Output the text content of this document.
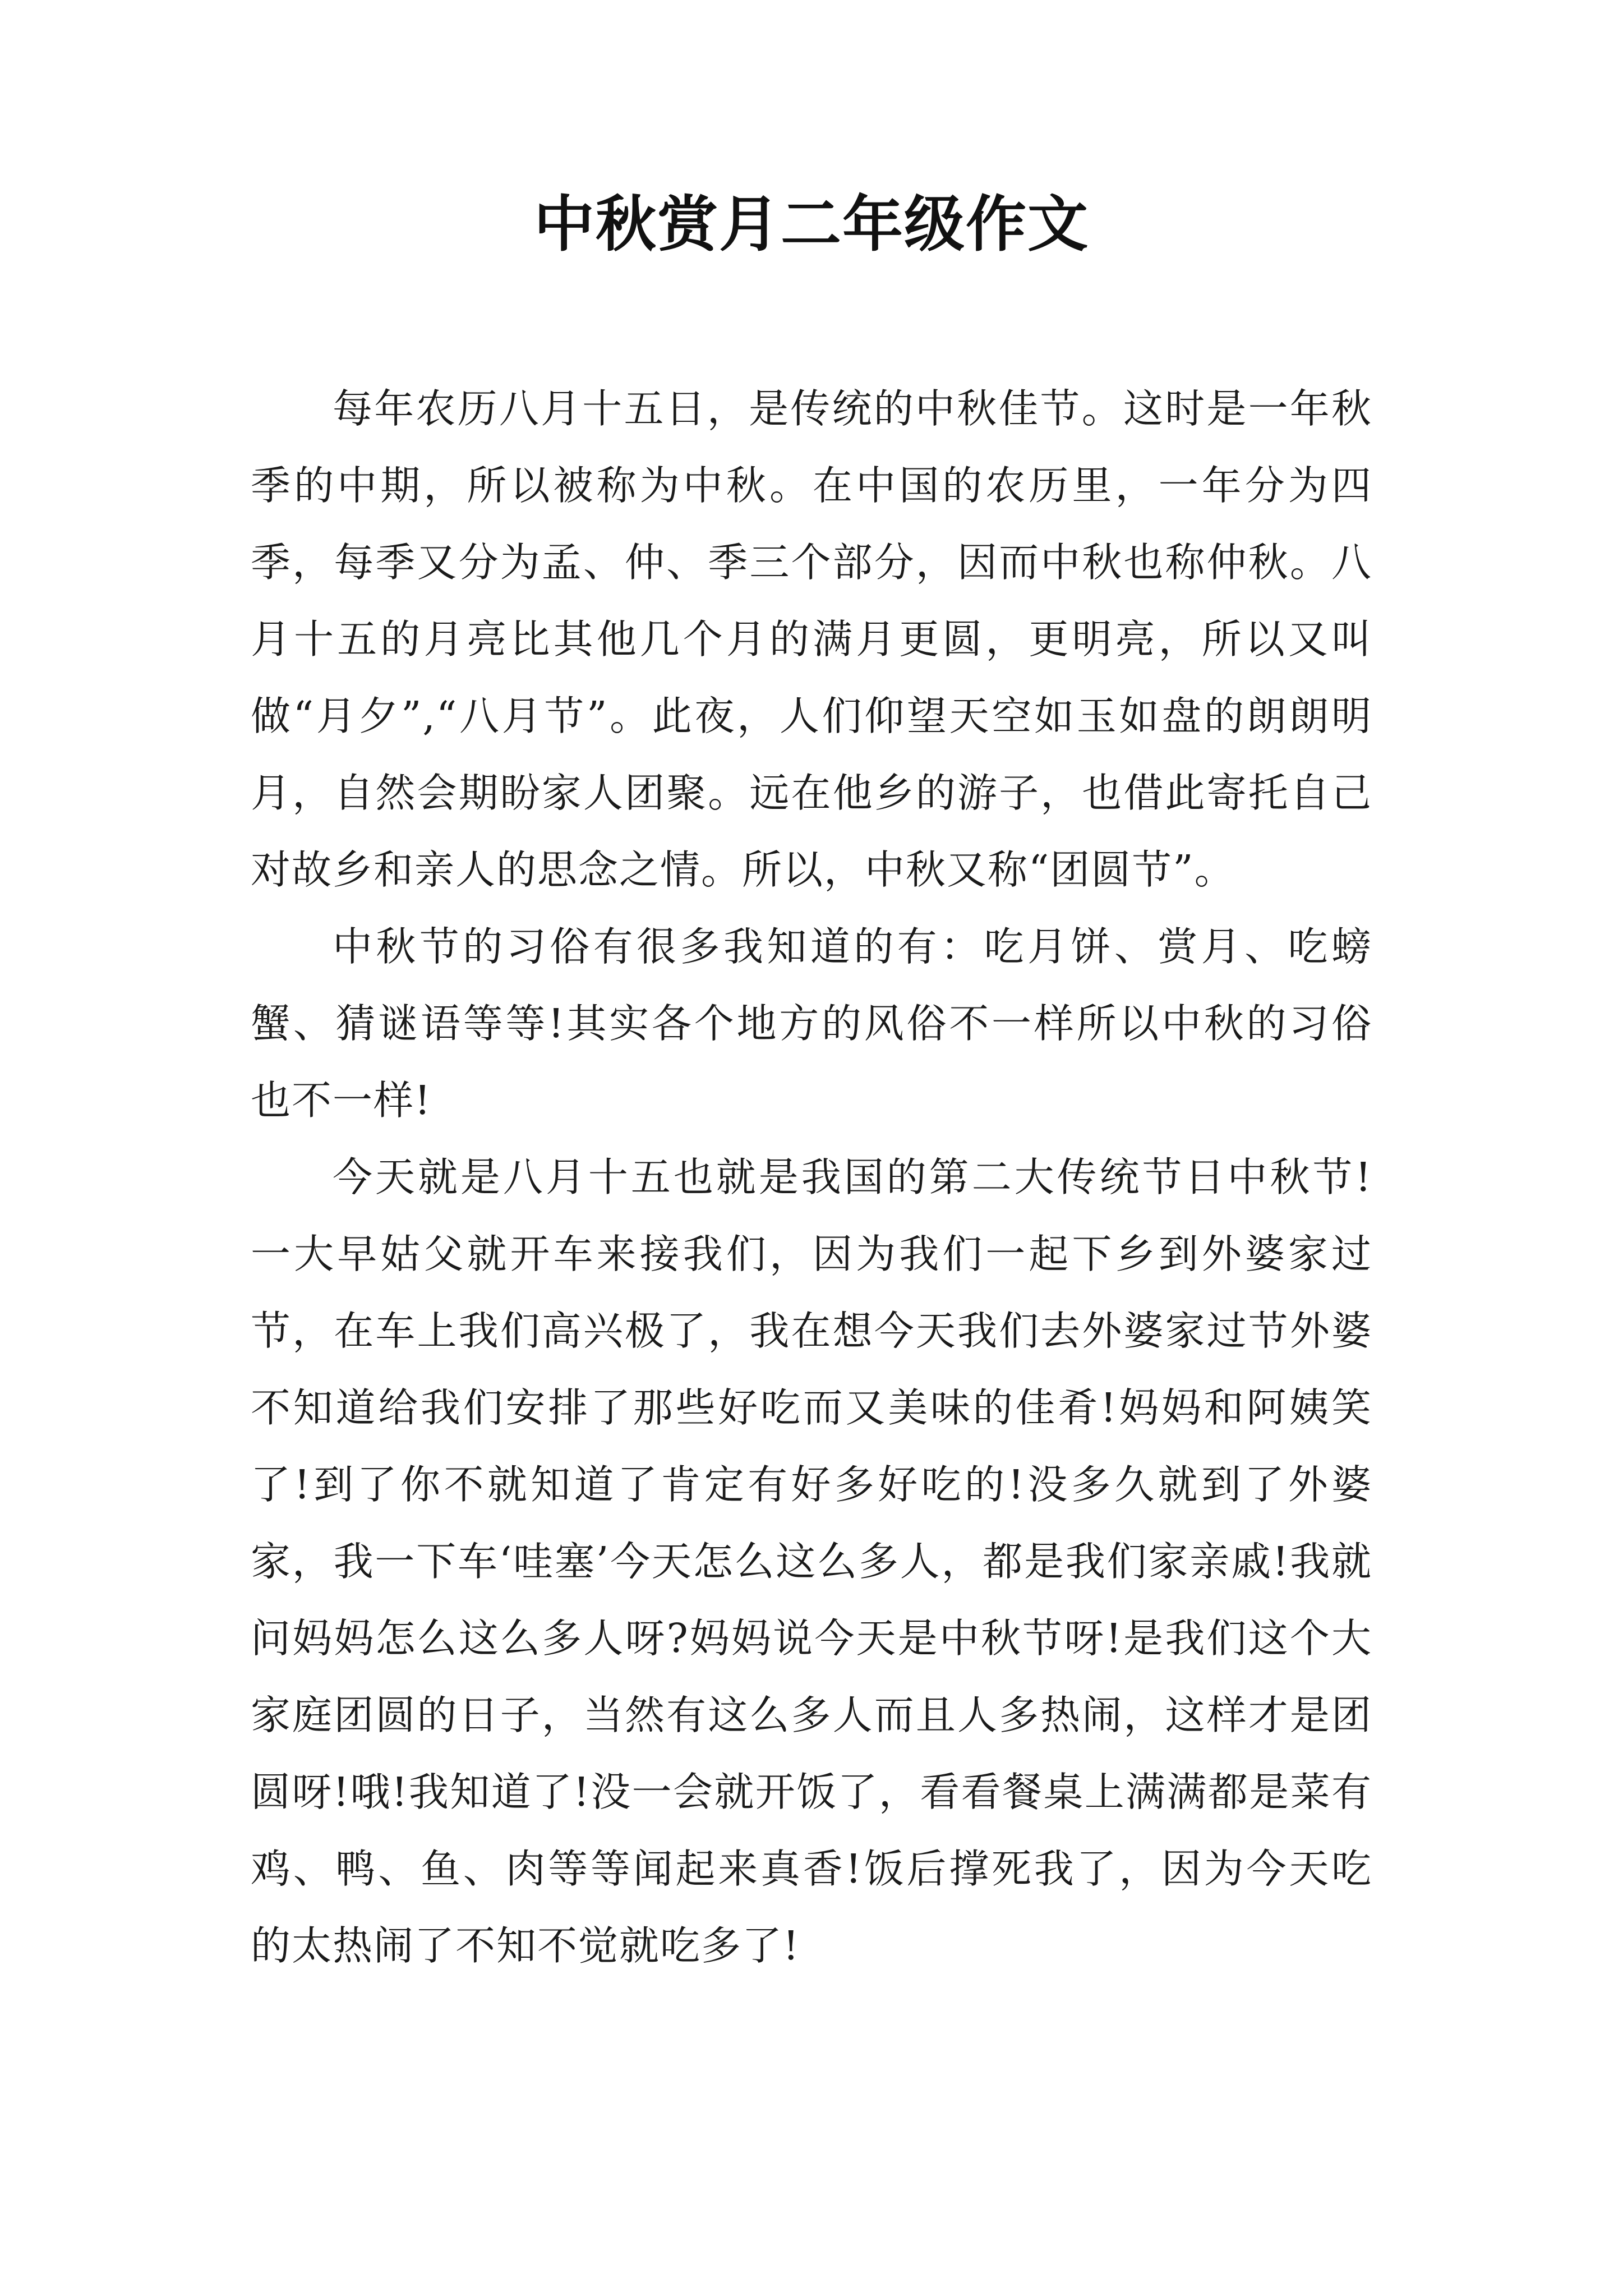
中秋赏月二年级作文

每年农历八月十五日，是传统的中秋佳节。这时是一年秋季的中期，所以被称为中秋。在中国的农历里，一年分为四季，每季又分为孟、仲、季三个部分，因而中秋也称仲秋。八月十五的月亮比其他几个月的满月更圆，更明亮，所以又叫做“月夕”,“八月节”。此夜，人们仰望天空如玉如盘的朗朗明月，自然会期盼家人团聚。远在他乡的游子，也借此寄托自己对故乡和亲人的思念之情。所以，中秋又称“团圆节”。

中秋节的习俗有很多我知道的有：吃月饼、赏月、吃螃蟹、猜谜语等等!其实各个地方的风俗不一样所以中秋的习俗也不一样!

今天就是八月十五也就是我国的第二大传统节日中秋节!一大早姑父就开车来接我们，因为我们一起下乡到外婆家过节，在车上我们高兴极了，我在想今天我们去外婆家过节外婆不知道给我们安排了那些好吃而又美味的佳肴!妈妈和阿姨笑了!到了你不就知道了肯定有好多好吃的!没多久就到了外婆家，我一下车‘哇塞’今天怎么这么多人，都是我们家亲戚!我就问妈妈怎么这么多人呀?妈妈说今天是中秋节呀!是我们这个大家庭团圆的日子，当然有这么多人而且人多热闹，这样才是团圆呀!哦!我知道了!没一会就开饭了，看看餐桌上满满都是菜有鸡、鸭、鱼、肉等等闻起来真香!饭后撑死我了，因为今天吃的太热闹了不知不觉就吃多了!
